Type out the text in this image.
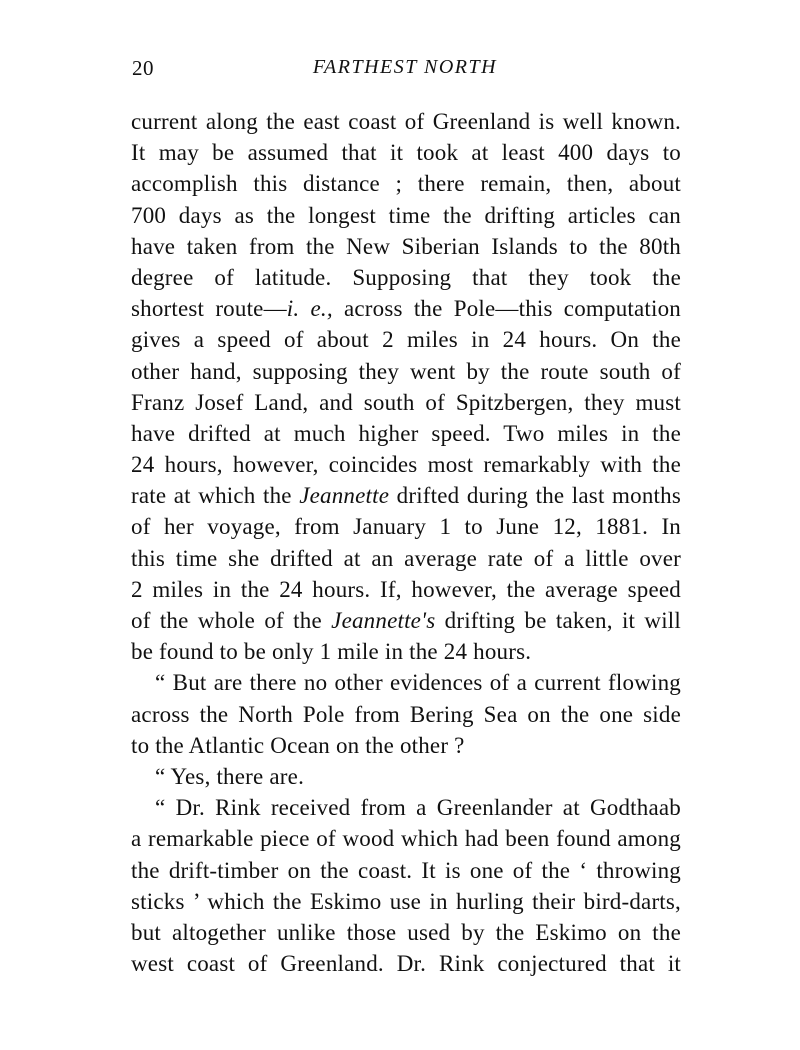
20	FARTHEST NORTH
current along the east coast of Greenland is well known.
It may be assumed that it took at least 400 days to
accomplish this distance ; there remain, then, about
700 days as the longest time the drifting articles can
have taken from the New Siberian Islands to the 80th
degree of latitude. Supposing that they took the
shortest route—i. e., across the Pole—this computation
gives a speed of about 2 miles in 24 hours. On the
other hand, supposing they went by the route south of
Franz Josef Land, and south of Spitzbergen, they must
have drifted at much higher speed. Two miles in the
24 hours, however, coincides most remarkably with the
rate at which the Jeannette drifted during the last months
of her voyage, from January 1 to June 12, 1881. In
this time she drifted at an average rate of a little over
2 miles in the 24 hours. If, however, the average speed
of the whole of the Jeannette's drifting be taken, it will
be found to be only 1 mile in the 24 hours.
“ But are there no other evidences of a current flowing
across the North Pole from Bering Sea on the one side
to the Atlantic Ocean on the other ?
“ Yes, there are.
“ Dr. Rink received from a Greenlander at Godthaab
a remarkable piece of wood which had been found among
the drift-timber on the coast. It is one of the ‘ throwing
sticks ’ which the Eskimo use in hurling their bird-darts,
but altogether unlike those used by the Eskimo on the
west coast of Greenland. Dr. Rink conjectured that it
